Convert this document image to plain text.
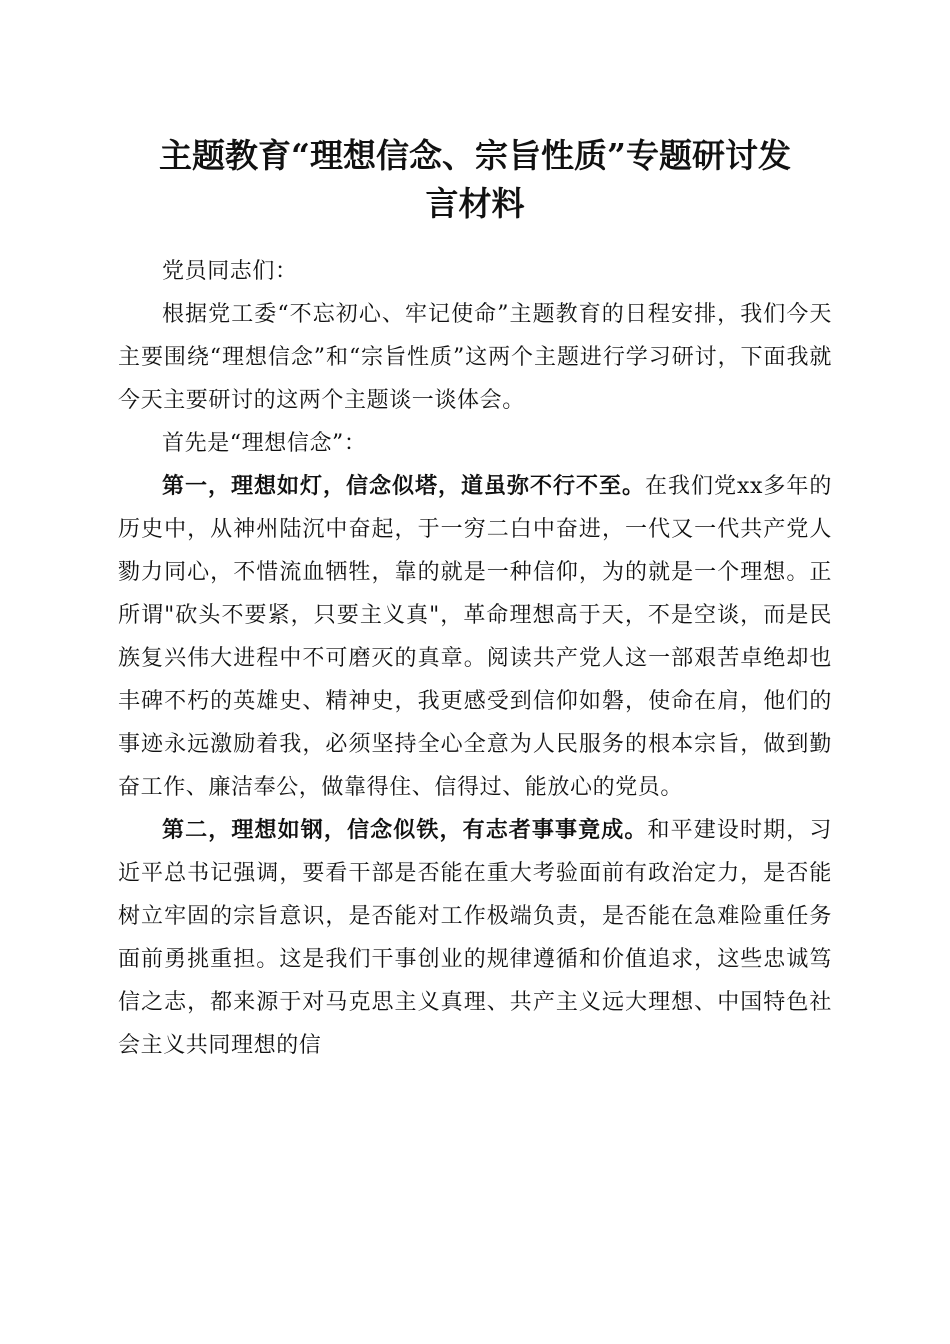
主题教育“理想信念、宗旨性质”专题研讨发
言材料

党员同志们：

根据党工委“不忘初心、牢记使命”主题教育的日程安排，我们今天主要围绕“理想信念”和“宗旨性质”这两个主题进行学习研讨，下面我就今天主要研讨的这两个主题谈一谈体会。

首先是“理想信念”：

第一，理想如灯，信念似塔，道虽弥不行不至。在我们党xx多年的历史中，从神州陆沉中奋起，于一穷二白中奋进，一代又一代共产党人勠力同心，不惜流血牺牲，靠的就是一种信仰，为的就是一个理想。正所谓"砍头不要紧，只要主义真"，革命理想高于天，不是空谈，而是民族复兴伟大进程中不可磨灭的真章。阅读共产党人这一部艰苦卓绝却也丰碑不朽的英雄史、精神史，我更感受到信仰如磐，使命在肩，他们的事迹永远激励着我，必须坚持全心全意为人民服务的根本宗旨，做到勤奋工作、廉洁奉公，做靠得住、信得过、能放心的党员。

第二，理想如钢，信念似铁，有志者事事竟成。和平建设时期，习近平总书记强调，要看干部是否能在重大考验面前有政治定力，是否能树立牢固的宗旨意识，是否能对工作极端负责，是否能在急难险重任务面前勇挑重担。这是我们干事创业的规律遵循和价值追求，这些忠诚笃信之志，都来源于对马克思主义真理、共产主义远大理想、中国特色社会主义共同理想的信
